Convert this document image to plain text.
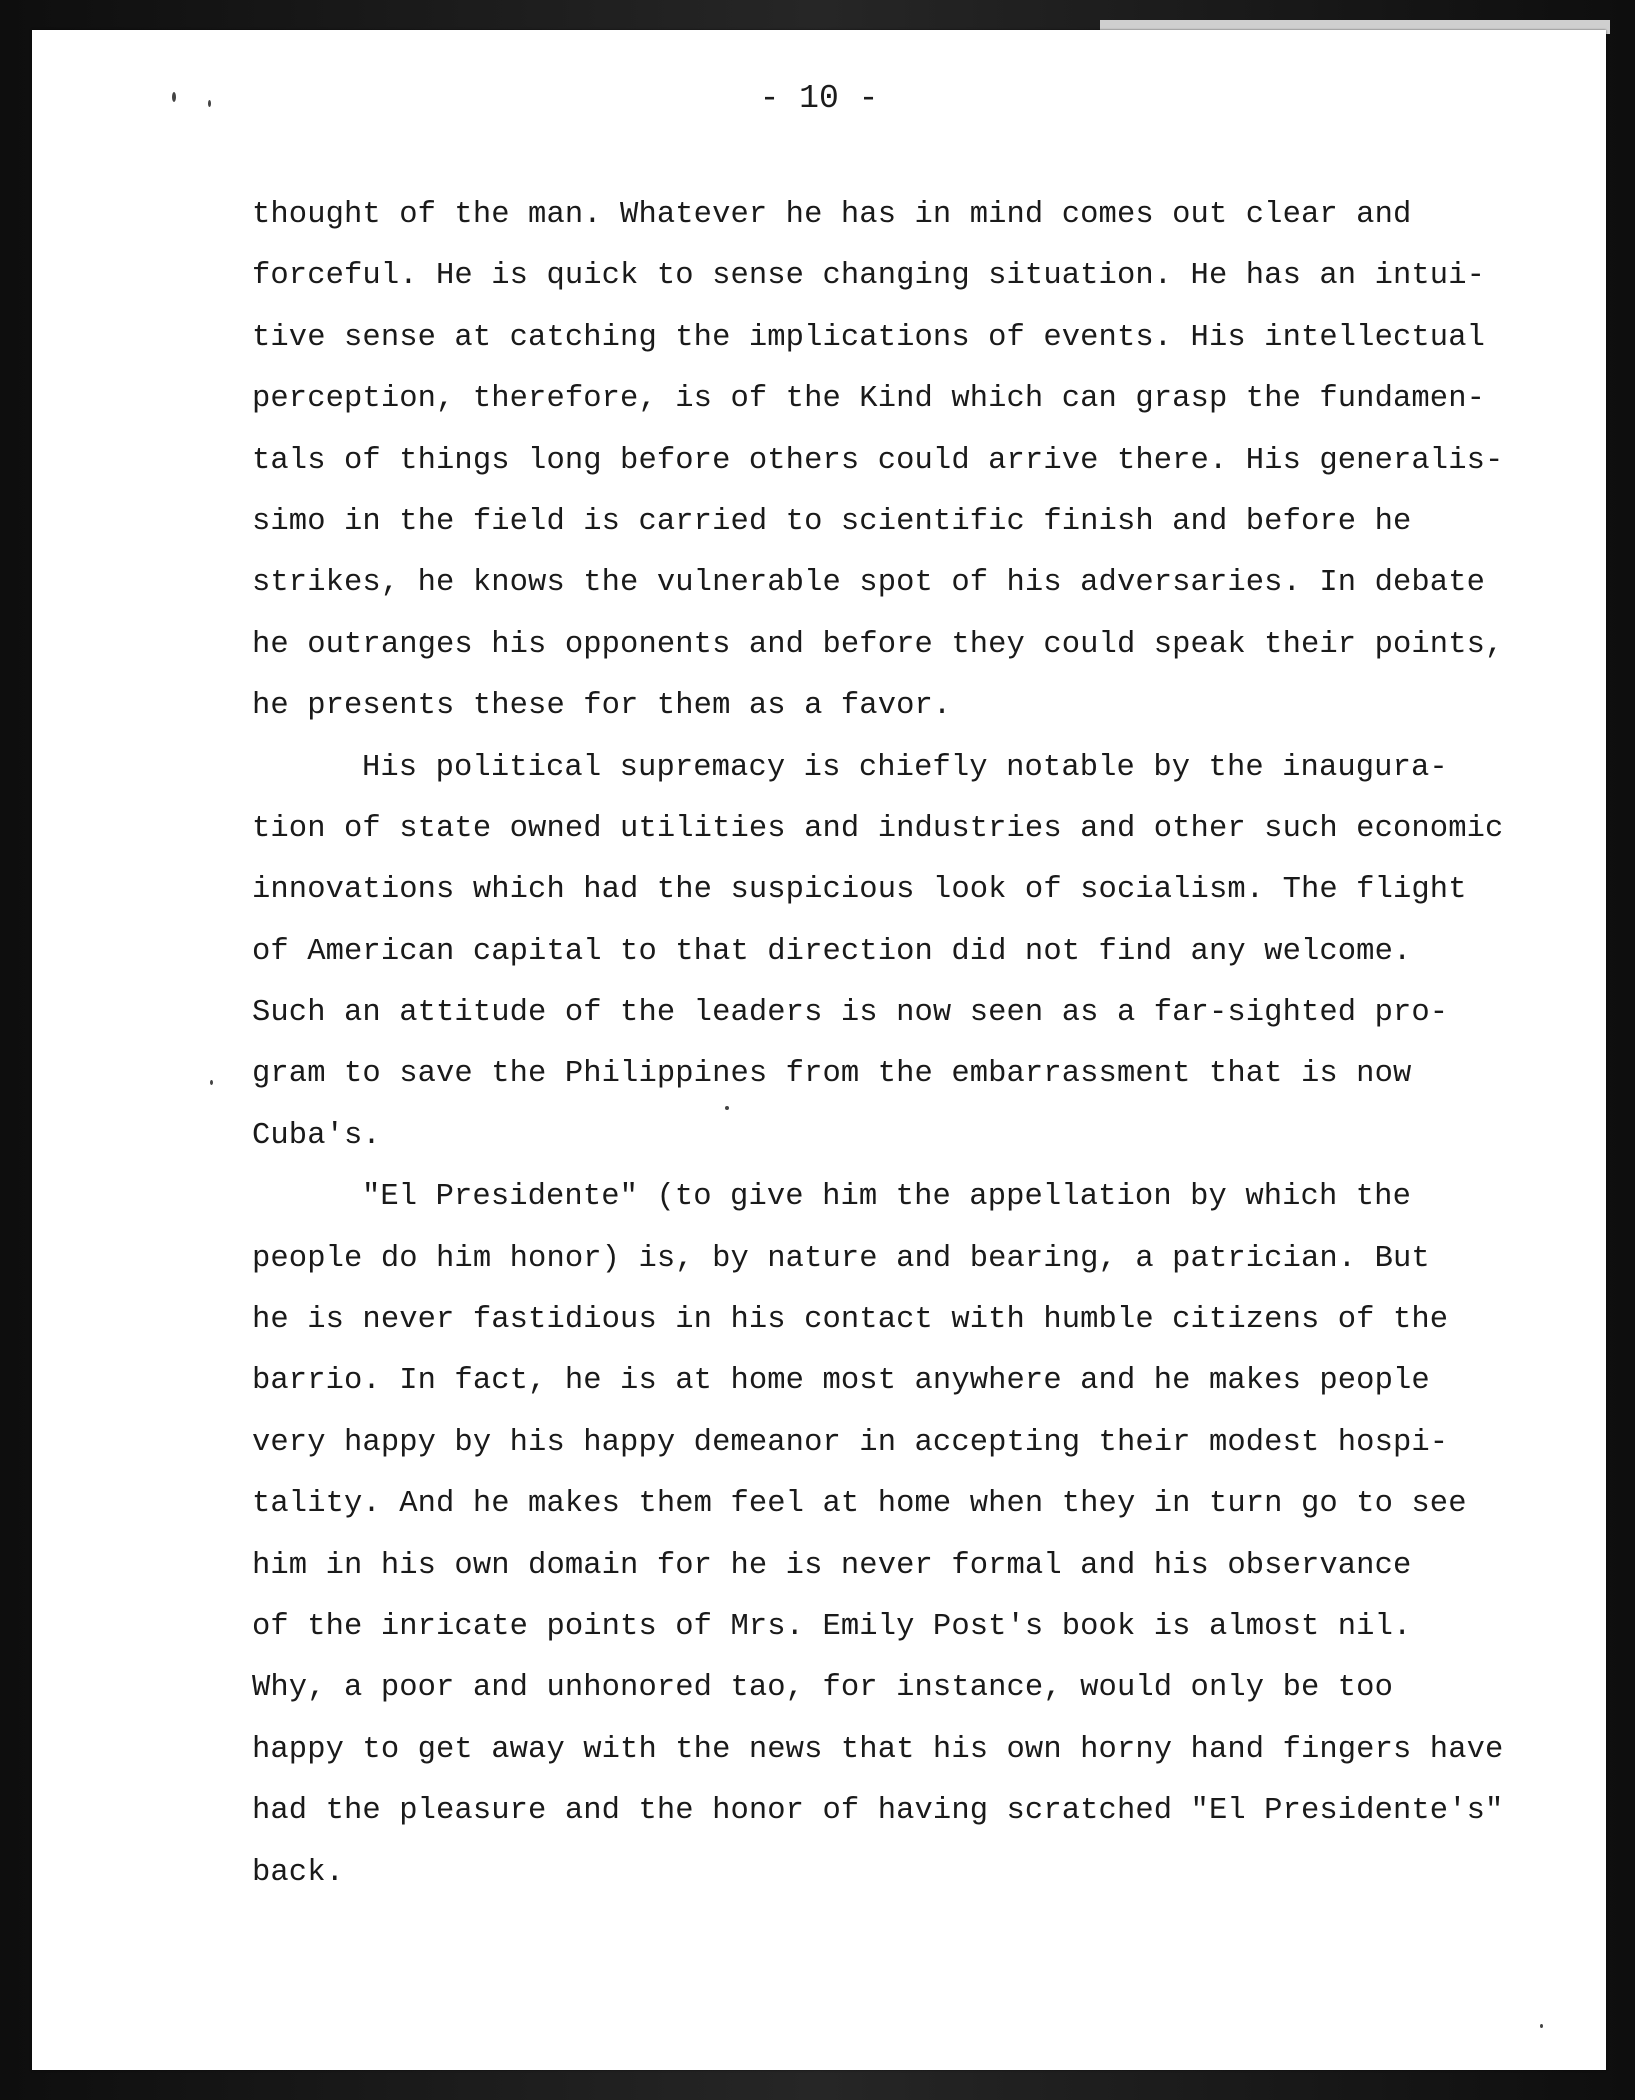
- 10 -
thought of the man. Whatever he has in mind comes out clear and
forceful. He is quick to sense changing situation. He has an intui-
tive sense at catching the implications of events. His intellectual
perception, therefore, is of the Kind which can grasp the fundamen-
tals of things long before others could arrive there. His generalis-
simo in the field is carried to scientific finish and before he
strikes, he knows the vulnerable spot of his adversaries. In debate
he outranges his opponents and before they could speak their points,
he presents these for them as a favor.
His political supremacy is chiefly notable by the inaugura-
tion of state owned utilities and industries and other such economic
innovations which had the suspicious look of socialism. The flight
of American capital to that direction did not find any welcome.
Such an attitude of the leaders is now seen as a far-sighted pro-
gram to save the Philippines from the embarrassment that is now
Cuba's.
"El Presidente" (to give him the appellation by which the
people do him honor) is, by nature and bearing, a patrician. But
he is never fastidious in his contact with humble citizens of the
barrio. In fact, he is at home most anywhere and he makes people
very happy by his happy demeanor in accepting their modest hospi-
tality. And he makes them feel at home when they in turn go to see
him in his own domain for he is never formal and his observance
of the inricate points of Mrs. Emily Post's book is almost nil.
Why, a poor and unhonored tao, for instance, would only be too
happy to get away with the news that his own horny hand fingers have
had the pleasure and the honor of having scratched "El Presidente's"
back.
